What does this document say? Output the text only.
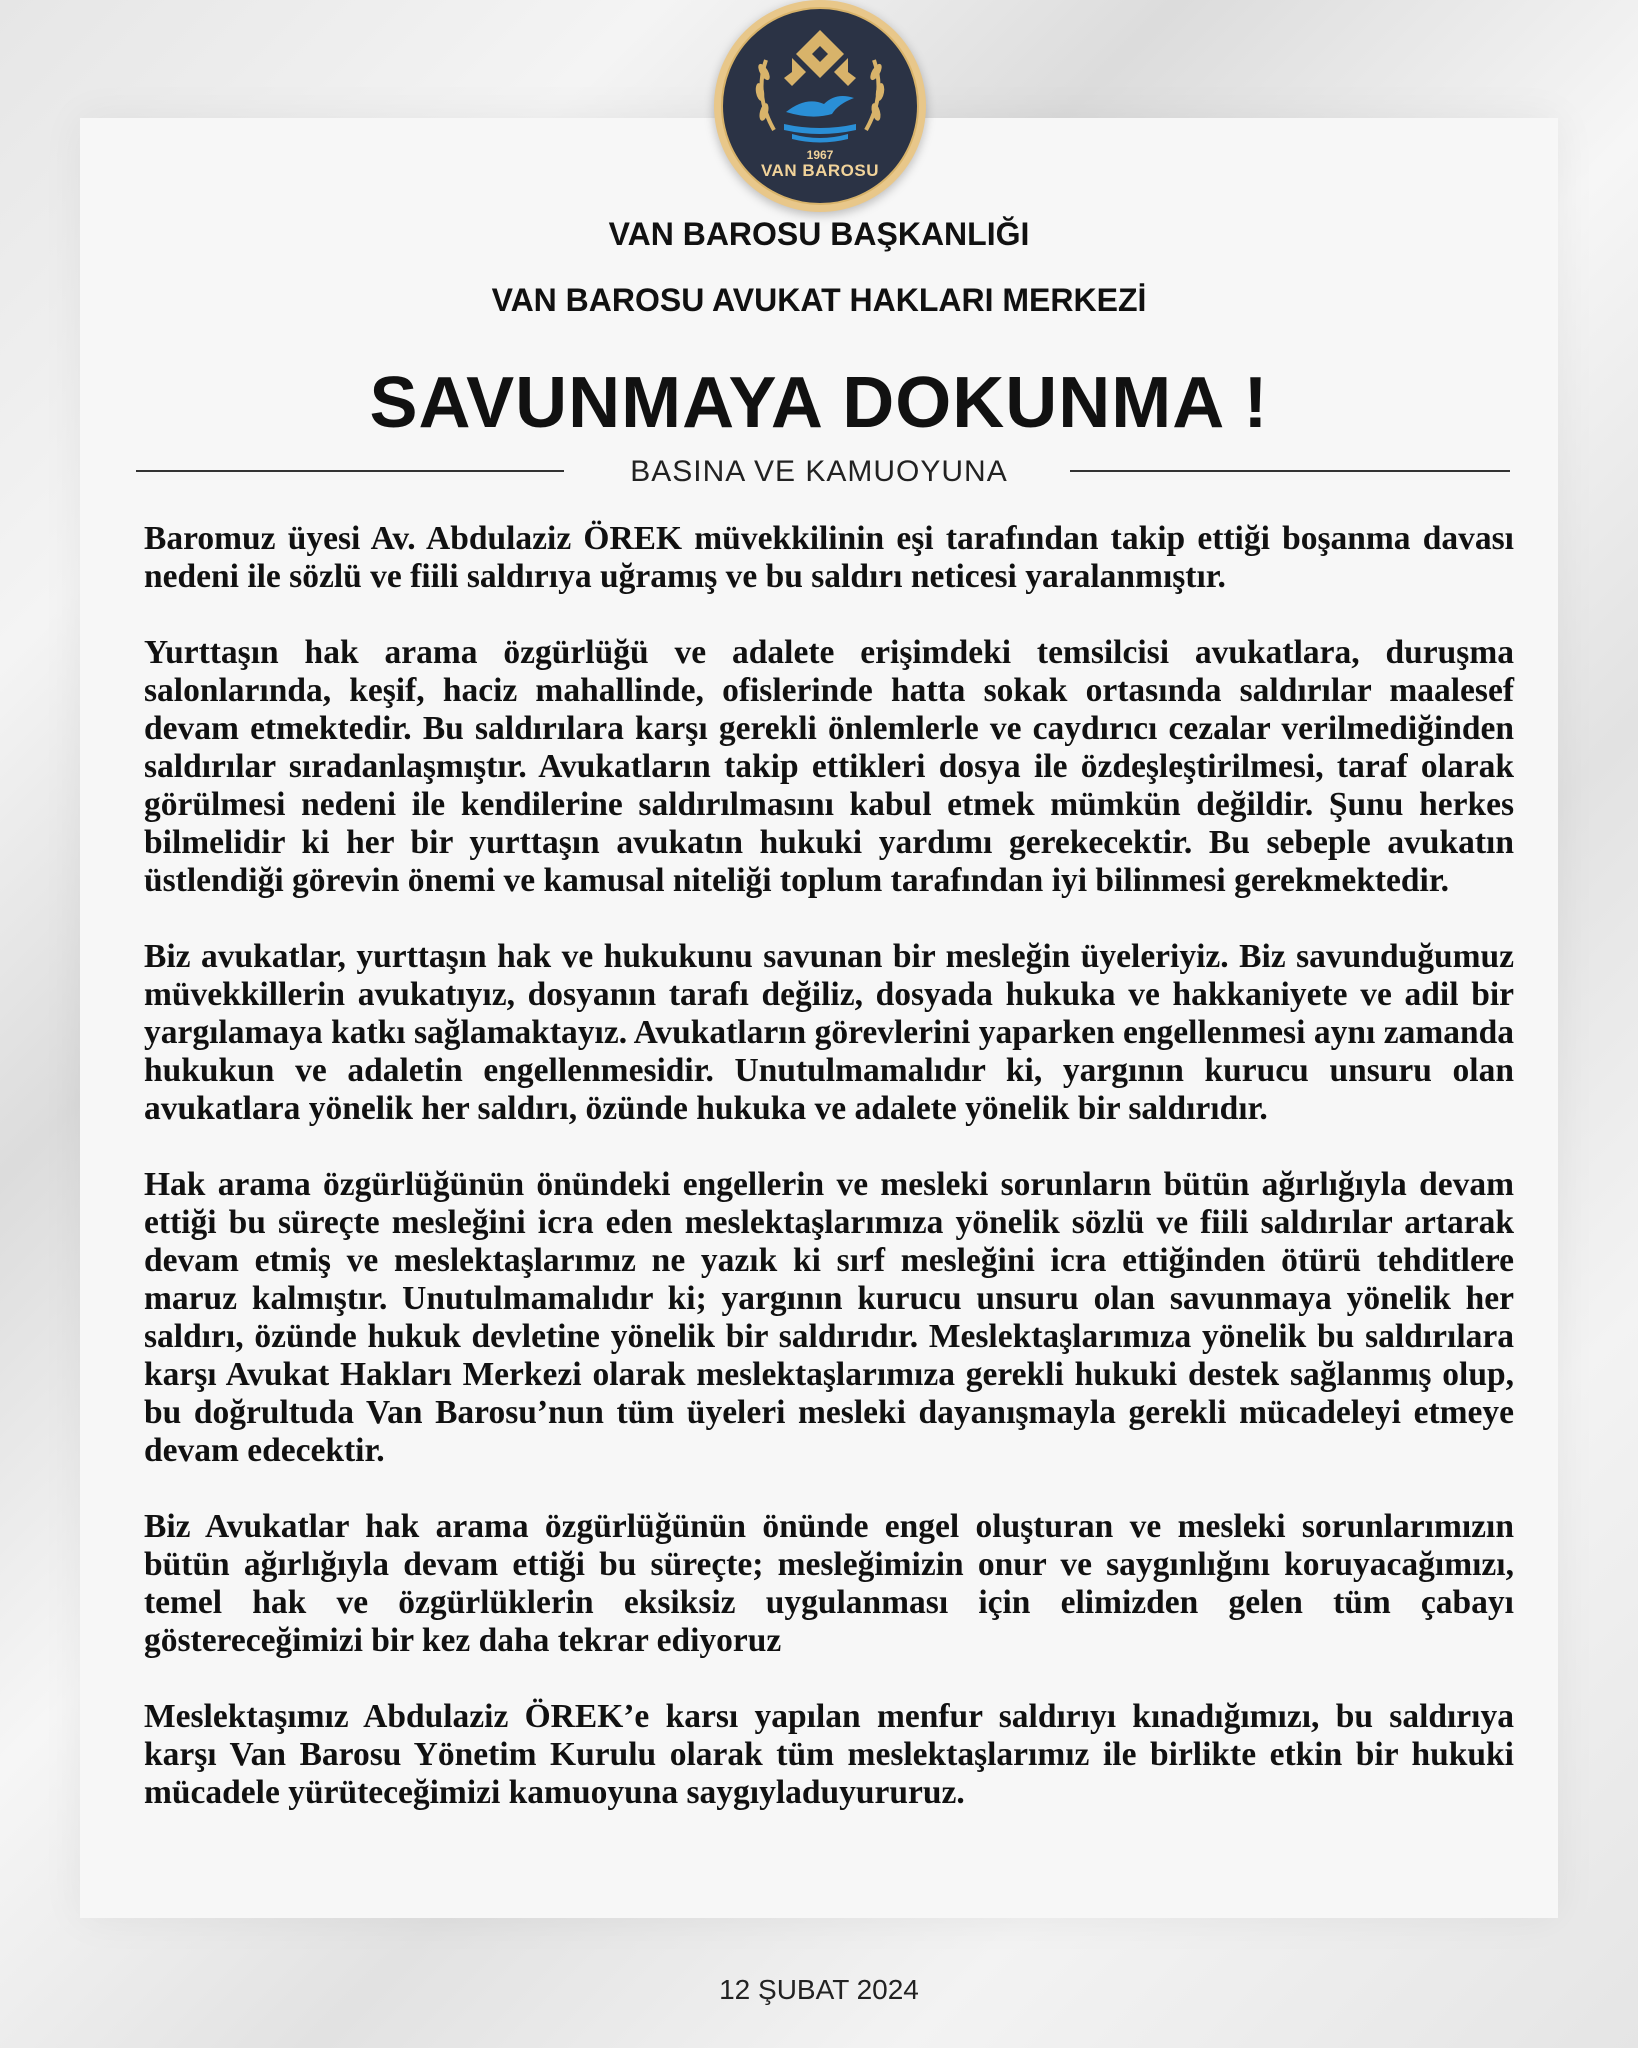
1967
VAN BAROSU
VAN BAROSU BAŞKANLIĞI
VAN BAROSU AVUKAT HAKLARI MERKEZİ
SAVUNMAYA DOKUNMA !
BASINA VE KAMUOYUNA

Baromuz üyesi Av. Abdulaziz ÖREK müvekkilinin eşi tarafından takip ettiği boşanma davası nedeni ile sözlü ve fiili saldırıya uğramış ve bu saldırı neticesi yaralanmıştır.

Yurttaşın hak arama özgürlüğü ve adalete erişimdeki temsilcisi avukatlara, duruşma salonlarında, keşif, haciz mahallinde, ofislerinde hatta sokak ortasında saldırılar maalesef devam etmektedir. Bu saldırılara karşı gerekli önlemlerle ve caydırıcı cezalar verilmediğinden saldırılar sıradanlaşmıştır. Avukatların takip ettikleri dosya ile özdeşleştirilmesi, taraf olarak görülmesi nedeni ile kendilerine saldırılmasını kabul etmek mümkün değildir. Şunu herkes bilmelidir ki her bir yurttaşın avukatın hukuki yardımı gerekecektir. Bu sebeple avukatın üstlendiği görevin önemi ve kamusal niteliği toplum tarafından iyi bilinmesi gerekmektedir.

Biz avukatlar, yurttaşın hak ve hukukunu savunan bir mesleğin üyeleriyiz. Biz savunduğumuz müvekkillerin avukatıyız, dosyanın tarafı değiliz, dosyada hukuka ve hakkaniyete ve adil bir yargılamaya katkı sağlamaktayız. Avukatların görevlerini yaparken engellenmesi aynı zamanda hukukun ve adaletin engellenmesidir. Unutulmamalıdır ki, yargının kurucu unsuru olan avukatlara yönelik her saldırı, özünde hukuka ve adalete yönelik bir saldırıdır.

Hak arama özgürlüğünün önündeki engellerin ve mesleki sorunların bütün ağırlığıyla devam ettiği bu süreçte mesleğini icra eden meslektaşlarımıza yönelik sözlü ve fiili saldırılar artarak devam etmiş ve meslektaşlarımız ne yazık ki sırf mesleğini icra ettiğinden ötürü tehditlere maruz kalmıştır. Unutulmamalıdır ki; yargının kurucu unsuru olan savunmaya yönelik her saldırı, özünde hukuk devletine yönelik bir saldırıdır. Meslektaşlarımıza yönelik bu saldırılara karşı Avukat Hakları Merkezi olarak meslektaşlarımıza gerekli hukuki destek sağlanmış olup, bu doğrultuda Van Barosu’nun tüm üyeleri mesleki dayanışmayla gerekli mücadeleyi etmeye devam edecektir.

Biz Avukatlar hak arama özgürlüğünün önünde engel oluşturan ve mesleki sorunlarımızın bütün ağırlığıyla devam ettiği bu süreçte; mesleğimizin onur ve saygınlığını koruyacağımızı, temel hak ve özgürlüklerin eksiksiz uygulanması için elimizden gelen tüm çabayı göstereceğimizi bir kez daha tekrar ediyoruz

Meslektaşımız Abdulaziz ÖREK’e karsı yapılan menfur saldırıyı kınadığımızı, bu saldırıya karşı Van Barosu Yönetim Kurulu olarak tüm meslektaşlarımız ile birlikte etkin bir hukuki mücadele yürüteceğimizi kamuoyuna saygıyladuyururuz.

12 ŞUBAT 2024
